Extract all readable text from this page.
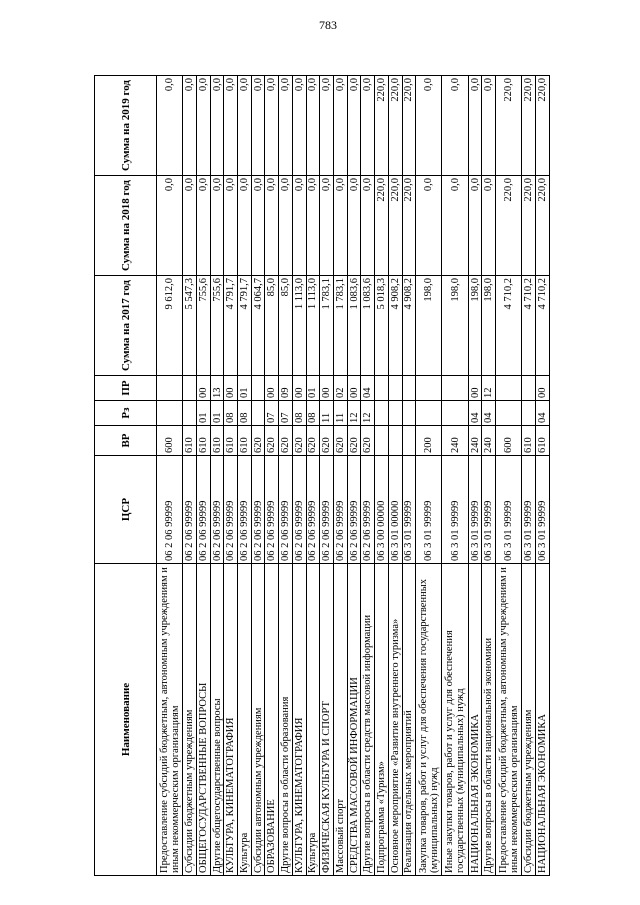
783
Наименование	ЦСР	ВР	Рз	ПР	Сумма на 2017 год	Сумма на 2018 год	Сумма на 2019 год
Предоставление субсидий бюджетным, автономным учреждениям и иным некоммерческим организациям	06 2 06 99999	600			9 612,0	0,0	0,0
Субсидии бюджетным учреждениям	06 2 06 99999	610			5 547,3	0,0	0,0
ОБЩЕГОСУДАРСТВЕННЫЕ ВОПРОСЫ	06 2 06 99999	610	01	00	755,6	0,0	0,0
Другие общегосударственные вопросы	06 2 06 99999	610	01	13	755,6	0,0	0,0
КУЛЬТУРА, КИНЕМАТОГРАФИЯ	06 2 06 99999	610	08	00	4 791,7	0,0	0,0
Культура	06 2 06 99999	610	08	01	4 791,7	0,0	0,0
Субсидии автономным учреждениям	06 2 06 99999	620			4 064,7	0,0	0,0
ОБРАЗОВАНИЕ	06 2 06 99999	620	07	00	85,0	0,0	0,0
Другие вопросы в области образования	06 2 06 99999	620	07	09	85,0	0,0	0,0
КУЛЬТУРА, КИНЕМАТОГРАФИЯ	06 2 06 99999	620	08	00	1 113,0	0,0	0,0
Культура	06 2 06 99999	620	08	01	1 113,0	0,0	0,0
ФИЗИЧЕСКАЯ КУЛЬТУРА И СПОРТ	06 2 06 99999	620	11	00	1 783,1	0,0	0,0
Массовый спорт	06 2 06 99999	620	11	02	1 783,1	0,0	0,0
СРЕДСТВА МАССОВОЙ ИНФОРМАЦИИ	06 2 06 99999	620	12	00	1 083,6	0,0	0,0
Другие вопросы в области средств массовой информации	06 2 06 99999	620	12	04	1 083,6	0,0	0,0
Подпрограмма «Туризм»	06 3 00 00000				5 018,3	220,0	220,0
Основное мероприятие «Развитие внутреннего туризма»	06 3 01 00000				4 908,2	220,0	220,0
Реализация отдельных мероприятий	06 3 01 99999				4 908,2	220,0	220,0
Закупка товаров, работ и услуг для обеспечения государственных (муниципальных) нужд	06 3 01 99999	200			198,0	0,0	0,0
Иные закупки товаров, работ и услуг для обеспечения государственных (муниципальных) нужд	06 3 01 99999	240			198,0	0,0	0,0
НАЦИОНАЛЬНАЯ ЭКОНОМИКА	06 3 01 99999	240	04	00	198,0	0,0	0,0
Другие вопросы в области национальной экономики	06 3 01 99999	240	04	12	198,0	0,0	0,0
Предоставление субсидий бюджетным, автономным учреждениям и иным некоммерческим организациям	06 3 01 99999	600			4 710,2	220,0	220,0
Субсидии бюджетным учреждениям	06 3 01 99999	610			4 710,2	220,0	220,0
НАЦИОНАЛЬНАЯ ЭКОНОМИКА	06 3 01 99999	610	04	00	4 710,2	220,0	220,0
